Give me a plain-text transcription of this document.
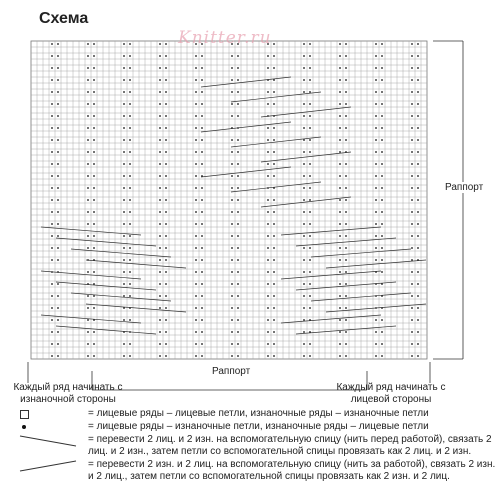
Схема
Knitter.ru
Раппорт
Раппорт
Каждый ряд начинать с изнаночной стороны
Каждый ряд начинать с лицевой стороны
= лицевые ряды – лицевые петли, изнаночные ряды – изнаночные петли
= лицевые ряды – изнаночные петли, изнаночные ряды – лицевые петли
= перевести 2 лиц. и 2 изн. на вспомогательную спицу (нить перед работой), связать 2 лиц. и 2 изн., затем петли со вспомогательной спицы провязать как 2 лиц. и 2 изн.
= перевести 2 изн. и 2 лиц. на вспомогательную спицу (нить за работой), связать 2 изн. и 2 лиц., затем петли со вспомогательной спицы провязать как 2 изн. и 2 лиц.
